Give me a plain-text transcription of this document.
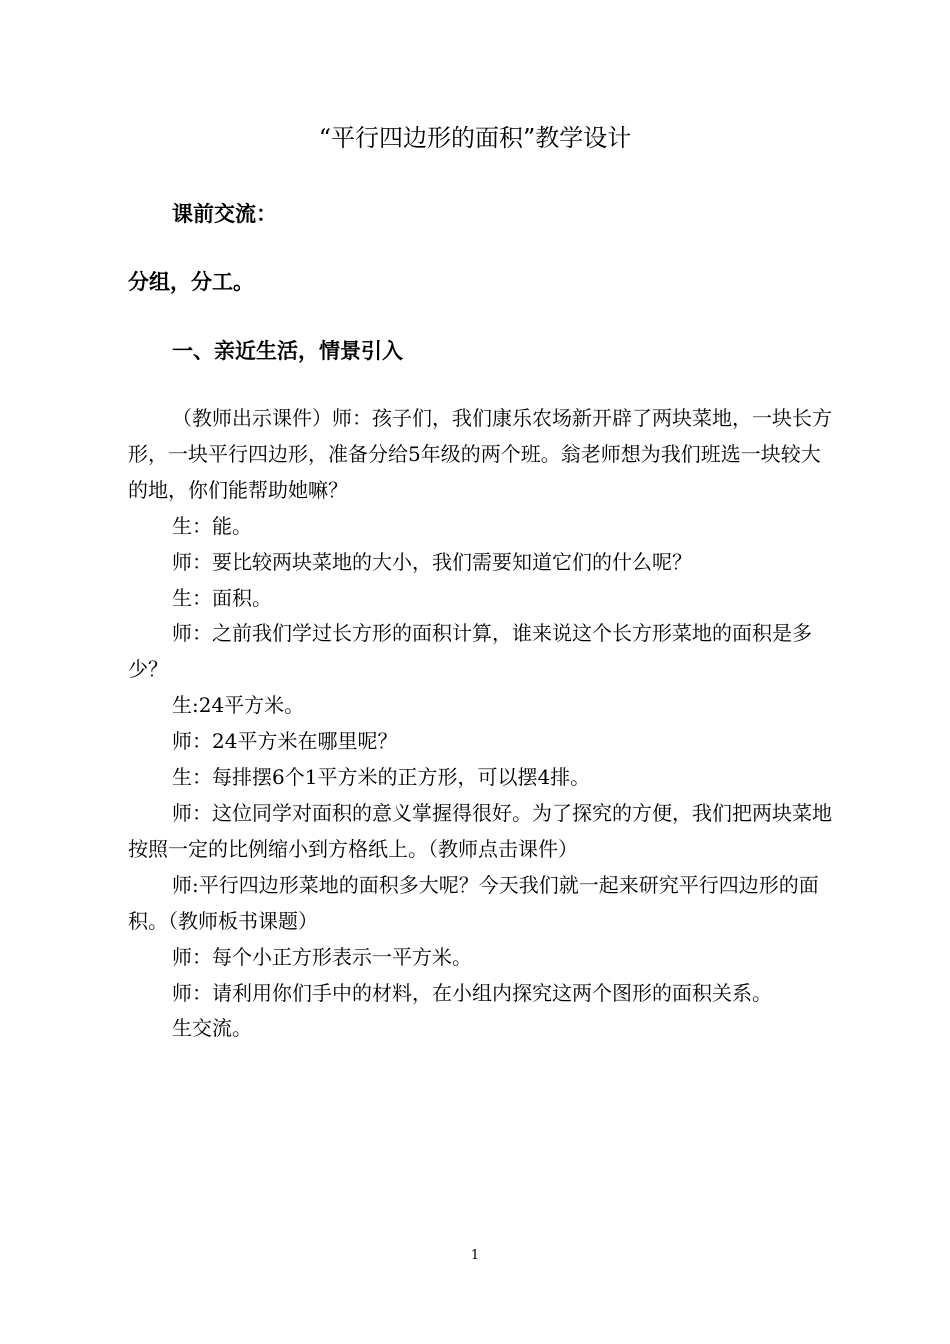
“平行四边形的面积”教学设计
课前交流：
分组，分工。
一、亲近生活，情景引入

（教师出示课件）师：孩子们，我们康乐农场新开辟了两块菜地，一块长方形，一块平行四边形，准备分给5年级的两个班。翁老师想为我们班选一块较大的地，你们能帮助她嘛？

生：能。

师：要比较两块菜地的大小，我们需要知道它们的什么呢？

生：面积。

师：之前我们学过长方形的面积计算，谁来说这个长方形菜地的面积是多少？

生:24平方米。

师：24平方米在哪里呢？

生：每排摆6个1平方米的正方形，可以摆4排。

师：这位同学对面积的意义掌握得很好。为了探究的方便，我们把两块菜地按照一定的比例缩小到方格纸上。（教师点击课件）

师:平行四边形菜地的面积多大呢？今天我们就一起来研究平行四边形的面积。（教师板书课题）

师：每个小正方形表示一平方米。

师：请利用你们手中的材料，在小组内探究这两个图形的面积关系。

生交流。

1
